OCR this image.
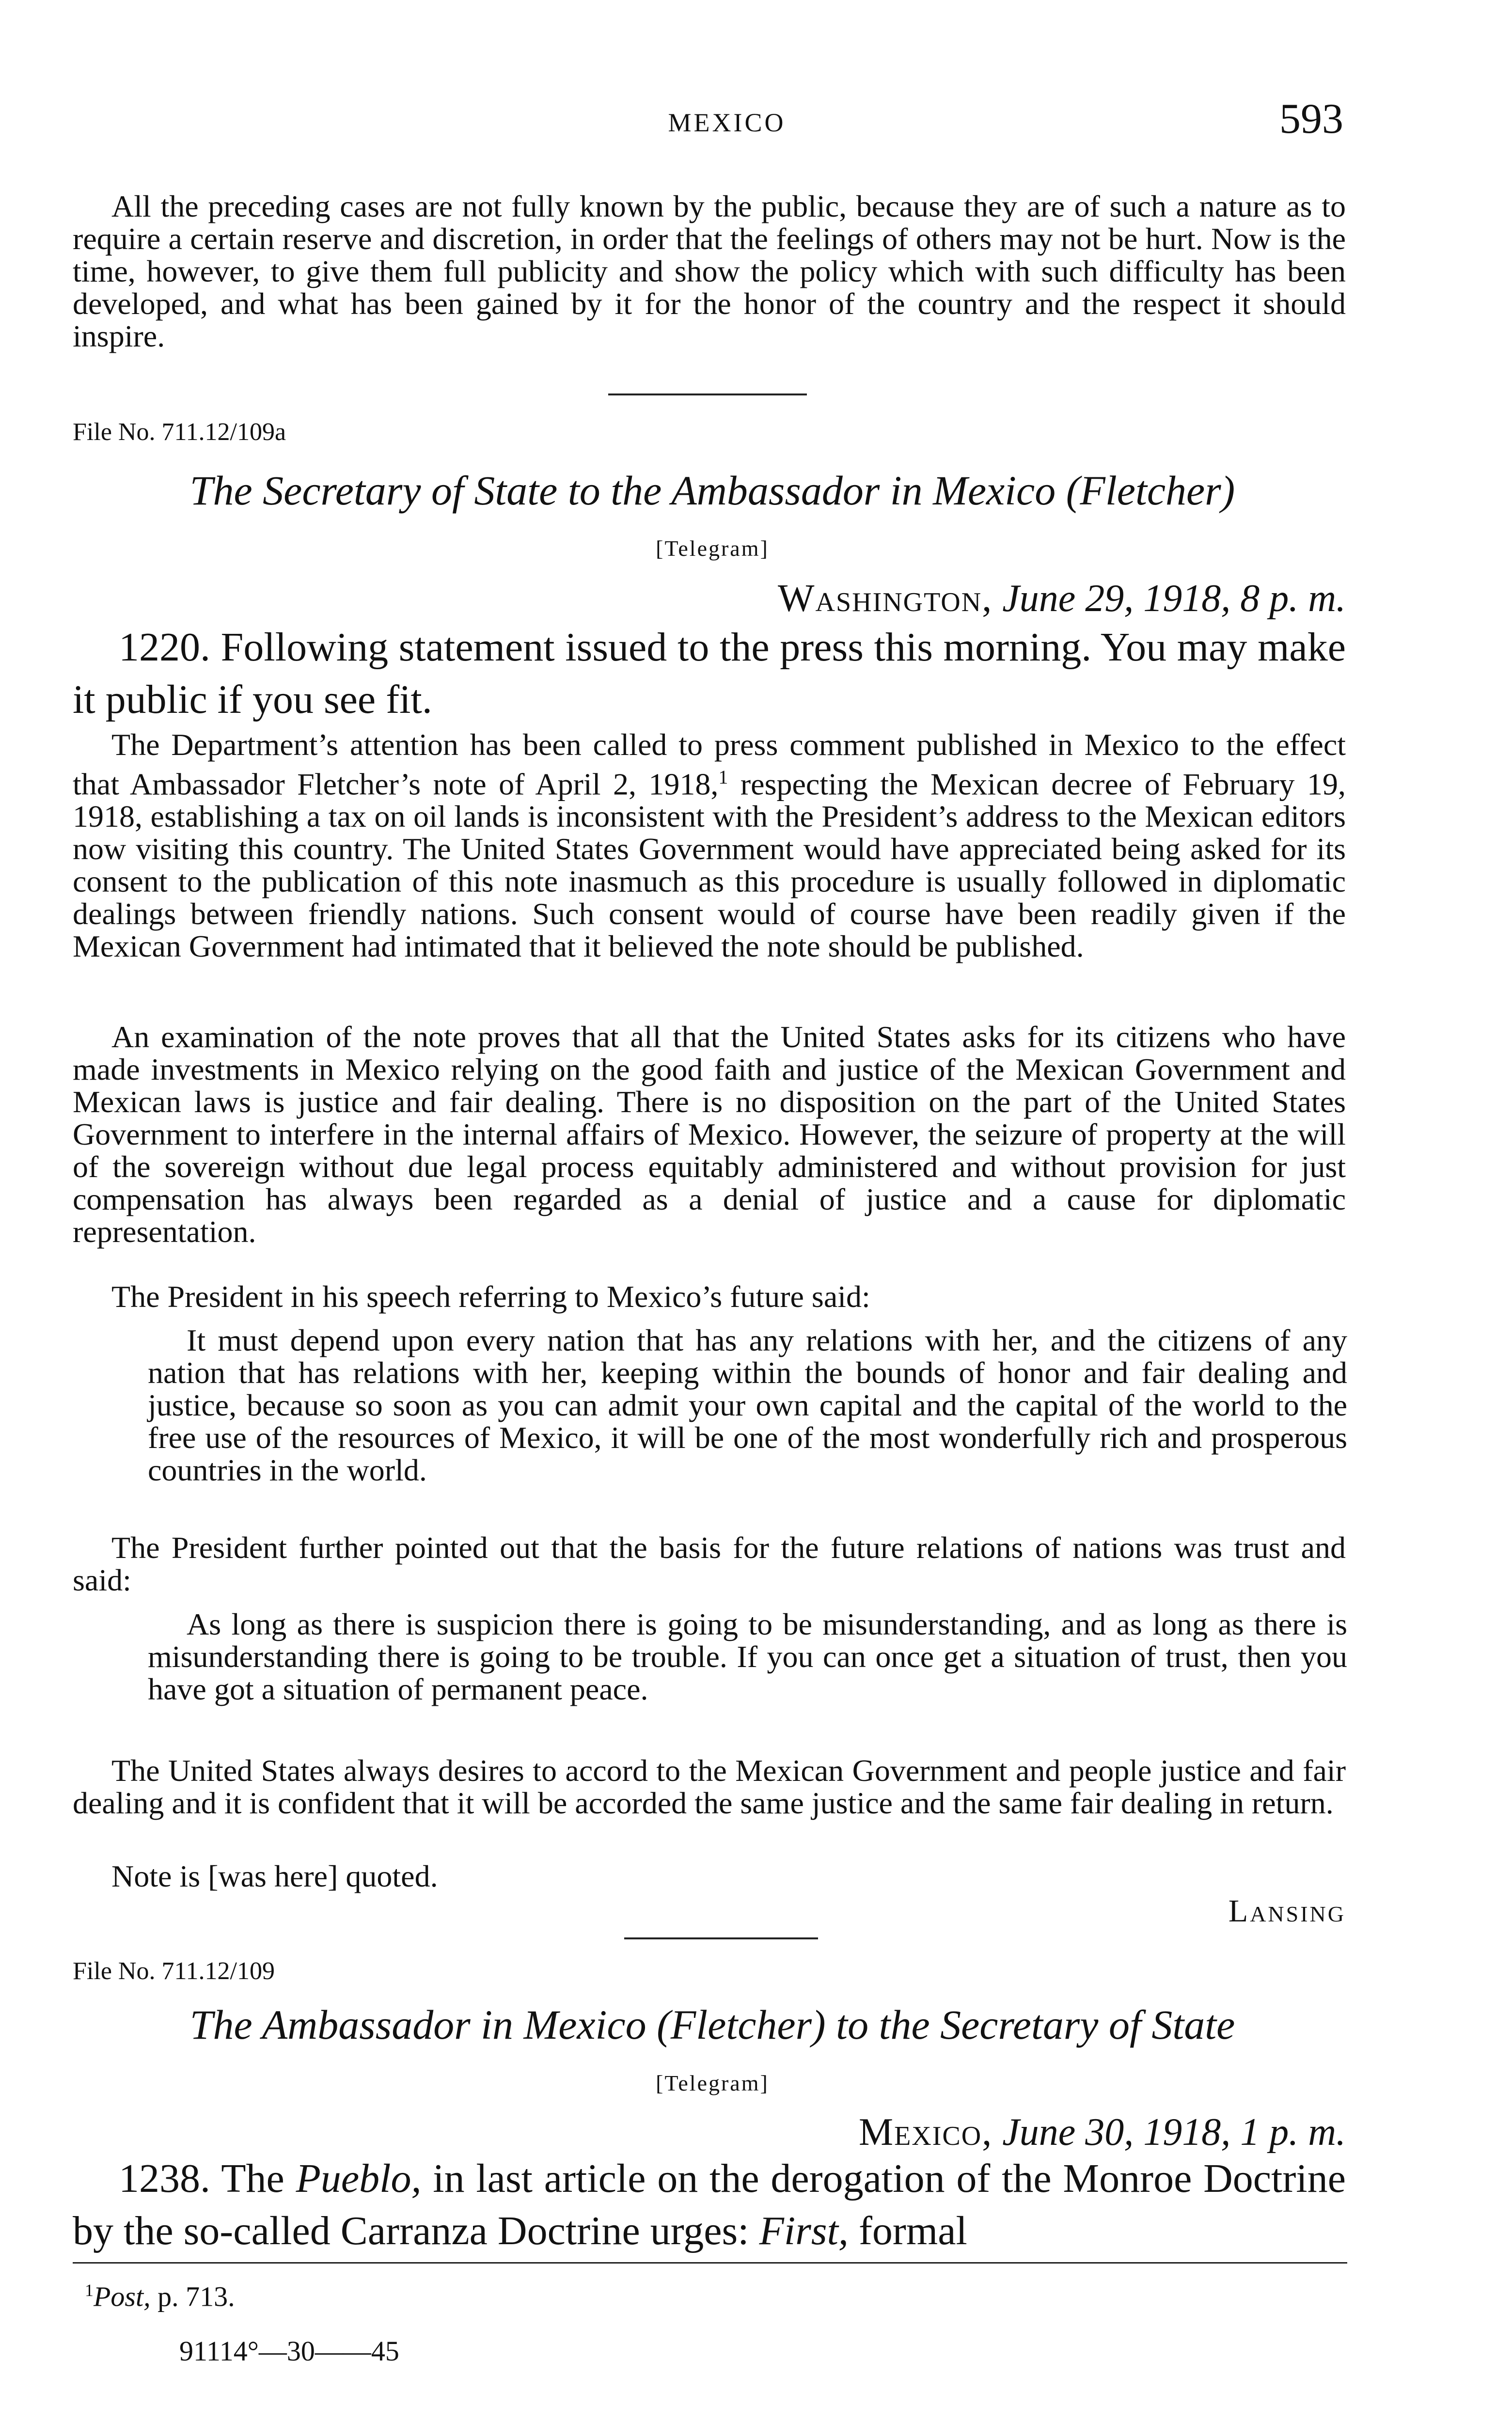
MEXICO	593

All the preceding cases are not fully known by the public, because they are of such a nature as to require a certain reserve and discretion, in order that the feelings of others may not be hurt. Now is the time, however, to give them full publicity and show the policy which with such difficulty has been developed, and what has been gained by it for the honor of the country and the respect it should inspire.

File No. 711.12/109a
The Secretary of State to the Ambassador in Mexico (Fletcher)
[Telegram]
Washington, June 29, 1918, 8 p. m.

1220. Following statement issued to the press this morning. You may make it public if you see fit.

The Department’s attention has been called to press comment published in Mexico to the effect that Ambassador Fletcher’s note of April 2, 1918,$^1$ respecting the Mexican decree of February 19, 1918, establishing a tax on oil lands is inconsistent with the President’s address to the Mexican editors now visiting this country. The United States Government would have appreciated being asked for its consent to the publication of this note inasmuch as this procedure is usually followed in diplomatic dealings between friendly nations. Such consent would of course have been readily given if the Mexican Government had intimated that it believed the note should be published.

An examination of the note proves that all that the United States asks for its citizens who have made investments in Mexico relying on the good faith and justice of the Mexican Government and Mexican laws is justice and fair dealing. There is no disposition on the part of the United States Government to interfere in the internal affairs of Mexico. However, the seizure of property at the will of the sovereign without due legal process equitably administered and without provision for just compensation has always been regarded as a denial of justice and a cause for diplomatic representation.

The President in his speech referring to Mexico’s future said:

It must depend upon every nation that has any relations with her, and the citizens of any nation that has relations with her, keeping within the bounds of honor and fair dealing and justice, because so soon as you can admit your own capital and the capital of the world to the free use of the resources of Mexico, it will be one of the most wonderfully rich and prosperous countries in the world.

The President further pointed out that the basis for the future relations of nations was trust and said:

As long as there is suspicion there is going to be misunderstanding, and as long as there is misunderstanding there is going to be trouble. If you can once get a situation of trust, then you have got a situation of permanent peace.

The United States always desires to accord to the Mexican Government and people justice and fair dealing and it is confident that it will be accorded the same justice and the same fair dealing in return.

Note is [was here] quoted.

Lansing
File No. 711.12/109
The Ambassador in Mexico (Fletcher) to the Secretary of State
[Telegram]
Mexico, June 30, 1918, 1 p. m.

1238. The Pueblo, in last article on the derogation of the Monroe Doctrine by the so-called Carranza Doctrine urges: First, formal

$^1$Post, p. 713.
91114°—30——45
